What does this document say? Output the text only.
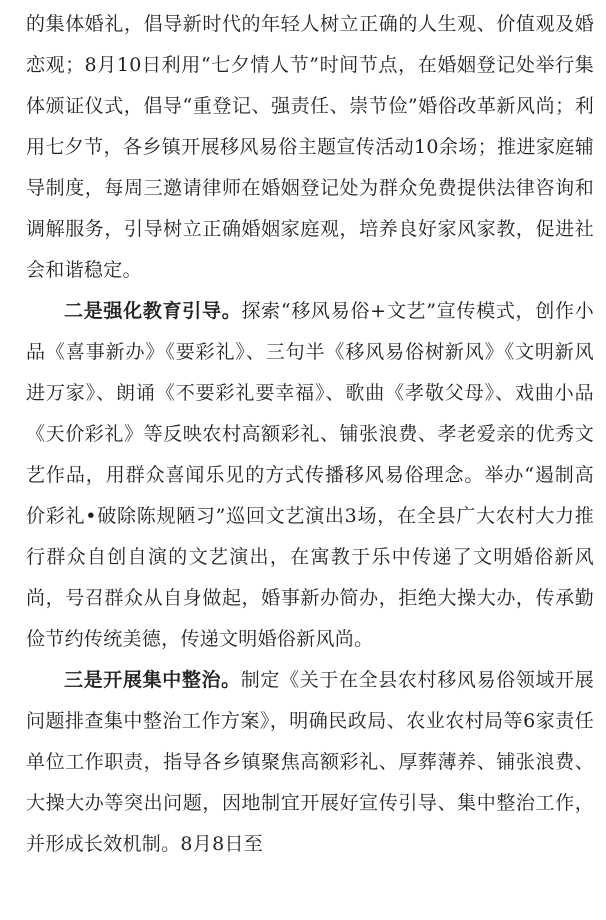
的集体婚礼，倡导新时代的年轻人树立正确的人生观、价值观及婚恋观；8月10日利用“七夕情人节”时间节点，在婚姻登记处举行集体颁证仪式，倡导“重登记、强责任、崇节俭”婚俗改革新风尚；利用七夕节，各乡镇开展移风易俗主题宣传活动10余场；推进家庭辅导制度，每周三邀请律师在婚姻登记处为群众免费提供法律咨询和调解服务，引导树立正确婚姻家庭观，培养良好家风家教，促进社会和谐稳定。

二是强化教育引导。探索“移风易俗+文艺”宣传模式，创作小品《喜事新办》《要彩礼》、三句半《移风易俗树新风》《文明新风进万家》、朗诵《不要彩礼要幸福》、歌曲《孝敬父母》、戏曲小品《天价彩礼》等反映农村高额彩礼、铺张浪费、孝老爱亲的优秀文艺作品，用群众喜闻乐见的方式传播移风易俗理念。举办“遏制高价彩礼•破除陈规陋习”巡回文艺演出3场，在全县广大农村大力推行群众自创自演的文艺演出，在寓教于乐中传递了文明婚俗新风尚，号召群众从自身做起，婚事新办简办，拒绝大操大办，传承勤俭节约传统美德，传递文明婚俗新风尚。

三是开展集中整治。制定《关于在全县农村移风易俗领域开展问题排查集中整治工作方案》，明确民政局、农业农村局等6家责任单位工作职责，指导各乡镇聚焦高额彩礼、厚葬薄养、铺张浪费、大操大办等突出问题，因地制宜开展好宣传引导、集中整治工作，并形成长效机制。8月8日至
